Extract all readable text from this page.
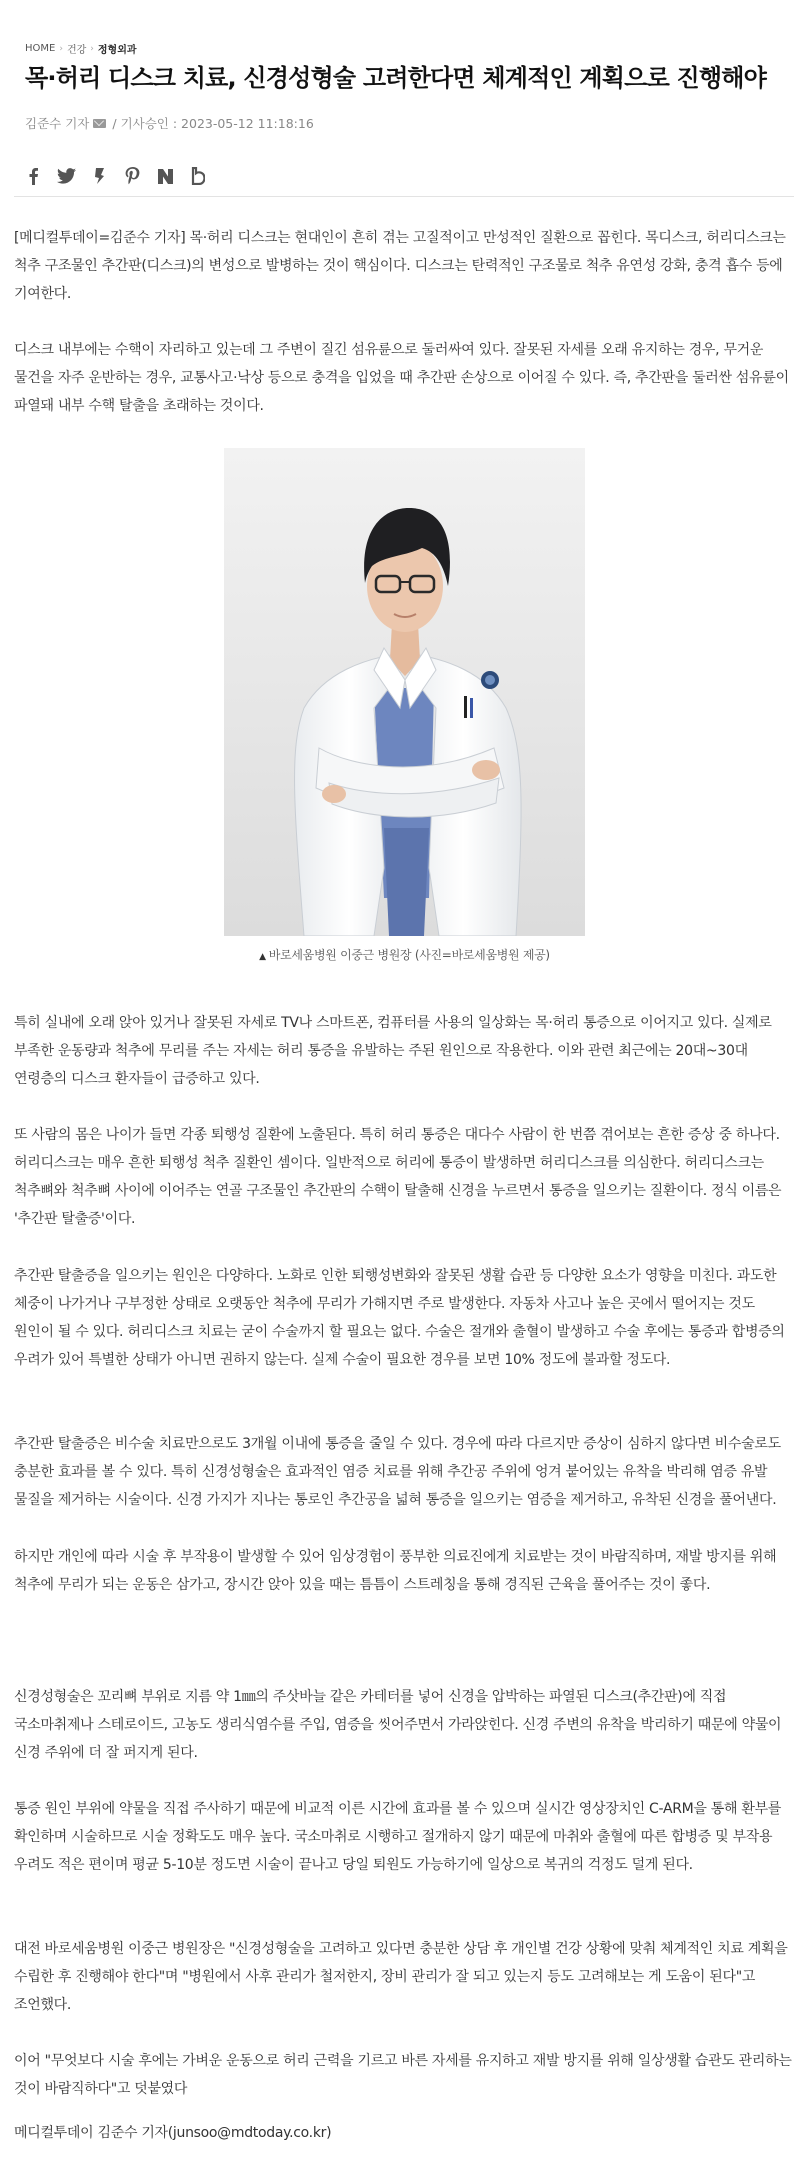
HOME › 건강 › 정형외과
목·허리 디스크 치료, 신경성형술 고려한다면 체계적인 계획으로 진행해야
김준수 기자 / 기사승인 : 2023-05-12 11:18:16

[메디컬투데이=김준수 기자] 목·허리 디스크는 현대인이 흔히 겪는 고질적이고 만성적인 질환으로 꼽힌다. 목디스크, 허리디스크는 척추 구조물인 추간판(디스크)의 변성으로 발병하는 것이 핵심이다. 디스크는 탄력적인 구조물로 척추 유연성 강화, 충격 흡수 등에 기여한다.

디스크 내부에는 수핵이 자리하고 있는데 그 주변이 질긴 섬유륜으로 둘러싸여 있다. 잘못된 자세를 오래 유지하는 경우, 무거운 물건을 자주 운반하는 경우, 교통사고·낙상 등으로 충격을 입었을 때 추간판 손상으로 이어질 수 있다. 즉, 추간판을 둘러싼 섬유륜이 파열돼 내부 수핵 탈출을 초래하는 것이다.

▲ 바로세움병원 이중근 병원장 (사진=바로세움병원 제공)

특히 실내에 오래 앉아 있거나 잘못된 자세로 TV나 스마트폰, 컴퓨터를 사용의 일상화는 목·허리 통증으로 이어지고 있다. 실제로 부족한 운동량과 척추에 무리를 주는 자세는 허리 통증을 유발하는 주된 원인으로 작용한다. 이와 관련 최근에는 20대~30대 연령층의 디스크 환자들이 급증하고 있다.

또 사람의 몸은 나이가 들면 각종 퇴행성 질환에 노출된다. 특히 허리 통증은 대다수 사람이 한 번쯤 겪어보는 흔한 증상 중 하나다. 허리디스크는 매우 흔한 퇴행성 척추 질환인 셈이다. 일반적으로 허리에 통증이 발생하면 허리디스크를 의심한다. 허리디스크는 척추뼈와 척추뼈 사이에 이어주는 연골 구조물인 추간판의 수핵이 탈출해 신경을 누르면서 통증을 일으키는 질환이다. 정식 이름은 '추간판 탈출증'이다.

추간판 탈출증을 일으키는 원인은 다양하다. 노화로 인한 퇴행성변화와 잘못된 생활 습관 등 다양한 요소가 영향을 미친다. 과도한 체중이 나가거나 구부정한 상태로 오랫동안 척추에 무리가 가해지면 주로 발생한다. 자동차 사고나 높은 곳에서 떨어지는 것도 원인이 될 수 있다. 허리디스크 치료는 굳이 수술까지 할 필요는 없다. 수술은 절개와 출혈이 발생하고 수술 후에는 통증과 합병증의 우려가 있어 특별한 상태가 아니면 권하지 않는다. 실제 수술이 필요한 경우를 보면 10% 정도에 불과할 정도다.

추간판 탈출증은 비수술 치료만으로도 3개월 이내에 통증을 줄일 수 있다. 경우에 따라 다르지만 증상이 심하지 않다면 비수술로도 충분한 효과를 볼 수 있다. 특히 신경성형술은 효과적인 염증 치료를 위해 추간공 주위에 엉겨 붙어있는 유착을 박리해 염증 유발 물질을 제거하는 시술이다. 신경 가지가 지나는 통로인 추간공을 넓혀 통증을 일으키는 염증을 제거하고, 유착된 신경을 풀어낸다.

하지만 개인에 따라 시술 후 부작용이 발생할 수 있어 임상경험이 풍부한 의료진에게 치료받는 것이 바람직하며, 재발 방지를 위해 척추에 무리가 되는 운동은 삼가고, 장시간 앉아 있을 때는 틈틈이 스트레칭을 통해 경직된 근육을 풀어주는 것이 좋다.

신경성형술은 꼬리뼈 부위로 지름 약 1㎜의 주삿바늘 같은 카테터를 넣어 신경을 압박하는 파열된 디스크(추간판)에 직접 국소마취제나 스테로이드, 고농도 생리식염수를 주입, 염증을 씻어주면서 가라앉힌다. 신경 주변의 유착을 박리하기 때문에 약물이 신경 주위에 더 잘 퍼지게 된다.

통증 원인 부위에 약물을 직접 주사하기 때문에 비교적 이른 시간에 효과를 볼 수 있으며 실시간 영상장치인 C-ARM을 통해 환부를 확인하며 시술하므로 시술 정확도도 매우 높다. 국소마취로 시행하고 절개하지 않기 때문에 마취와 출혈에 따른 합병증 및 부작용 우려도 적은 편이며 평균 5-10분 정도면 시술이 끝나고 당일 퇴원도 가능하기에 일상으로 복귀의 걱정도 덜게 된다.

대전 바로세움병원 이중근 병원장은 "신경성형술을 고려하고 있다면 충분한 상담 후 개인별 건강 상황에 맞춰 체계적인 치료 계획을 수립한 후 진행해야 한다"며 "병원에서 사후 관리가 철저한지, 장비 관리가 잘 되고 있는지 등도 고려해보는 게 도움이 된다"고 조언했다.

이어 "무엇보다 시술 후에는 가벼운 운동으로 허리 근력을 기르고 바른 자세를 유지하고 재발 방지를 위해 일상생활 습관도 관리하는 것이 바람직하다"고 덧붙였다

메디컬투데이 김준수 기자(junsoo@mdtoday.co.kr)
